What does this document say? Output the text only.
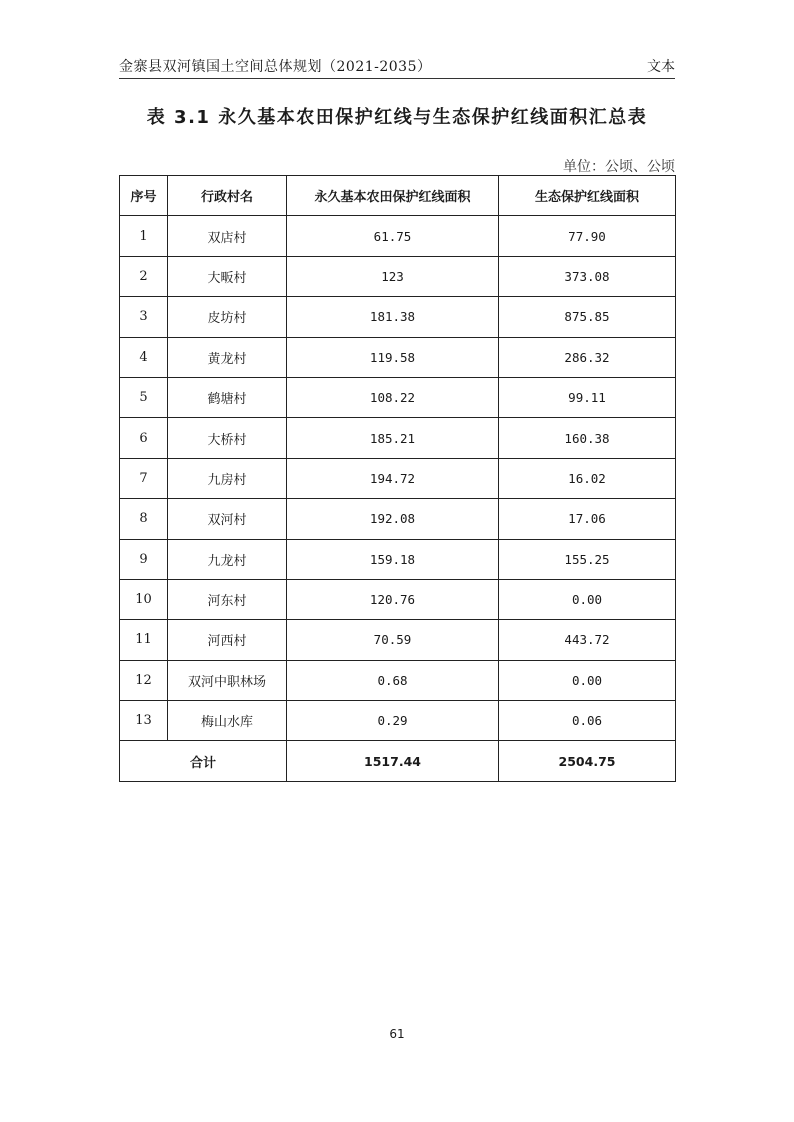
金寨县双河镇国土空间总体规划（2021-2035）	文本
表 3.1 永久基本农田保护红线与生态保护红线面积汇总表
单位：公顷、公顷
序号	行政村名	永久基本农田保护红线面积	生态保护红线面积
1	双店村	61.75	77.90
2	大畈村	123	373.08
3	皮坊村	181.38	875.85
4	黄龙村	119.58	286.32
5	鹤塘村	108.22	99.11
6	大桥村	185.21	160.38
7	九房村	194.72	16.02
8	双河村	192.08	17.06
9	九龙村	159.18	155.25
10	河东村	120.76	0.00
11	河西村	70.59	443.72
12	双河中职林场	0.68	0.00
13	梅山水库	0.29	0.06
合计		1517.44	2504.75
61
